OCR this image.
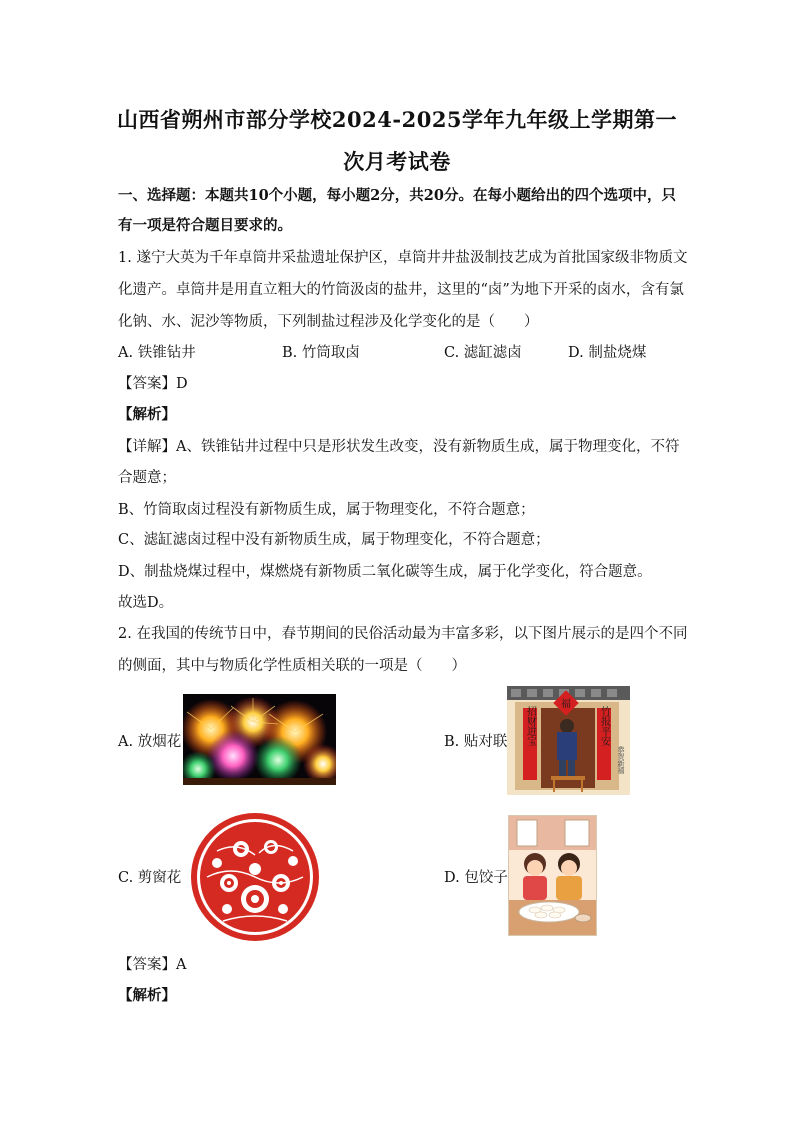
山西省朔州市部分学校2024-2025学年九年级上学期第一
次月考试卷
一、选择题：本题共10个小题，每小题2分，共20分。在每小题给出的四个选项中，只
有一项是符合题目要求的。
1. 遂宁大英为千年卓筒井采盐遗址保护区，卓筒井井盐汲制技艺成为首批国家级非物质文
化遗产。卓筒井是用直立粗大的竹筒汲卤的盐井，这里的“卤”为地下开采的卤水，含有氯
化钠、水、泥沙等物质，下列制盐过程涉及化学变化的是（　　）
A. 铁锥钻井	B. 竹筒取卤	C. 滤缸滤卤	D. 制盐烧煤
【答案】D
【解析】
【详解】A、铁锥钻井过程中只是形状发生改变，没有新物质生成，属于物理变化，不符
合题意；
B、竹筒取卤过程没有新物质生成，属于物理变化，不符合题意；
C、滤缸滤卤过程中没有新物质生成，属于物理变化，不符合题意；
D、制盐烧煤过程中，煤燃烧有新物质二氧化碳等生成，属于化学变化，符合题意。
故选D。
2. 在我国的传统节日中，春节期间的民俗活动最为丰富多彩，以下图片展示的是四个不同
的侧面，其中与物质化学性质相关联的一项是（　　）
A. 放烟花	B. 贴对联
福
招财进宝	竹报平安
恭贺新禧
C. 剪窗花	D. 包饺子
【答案】A
【解析】
